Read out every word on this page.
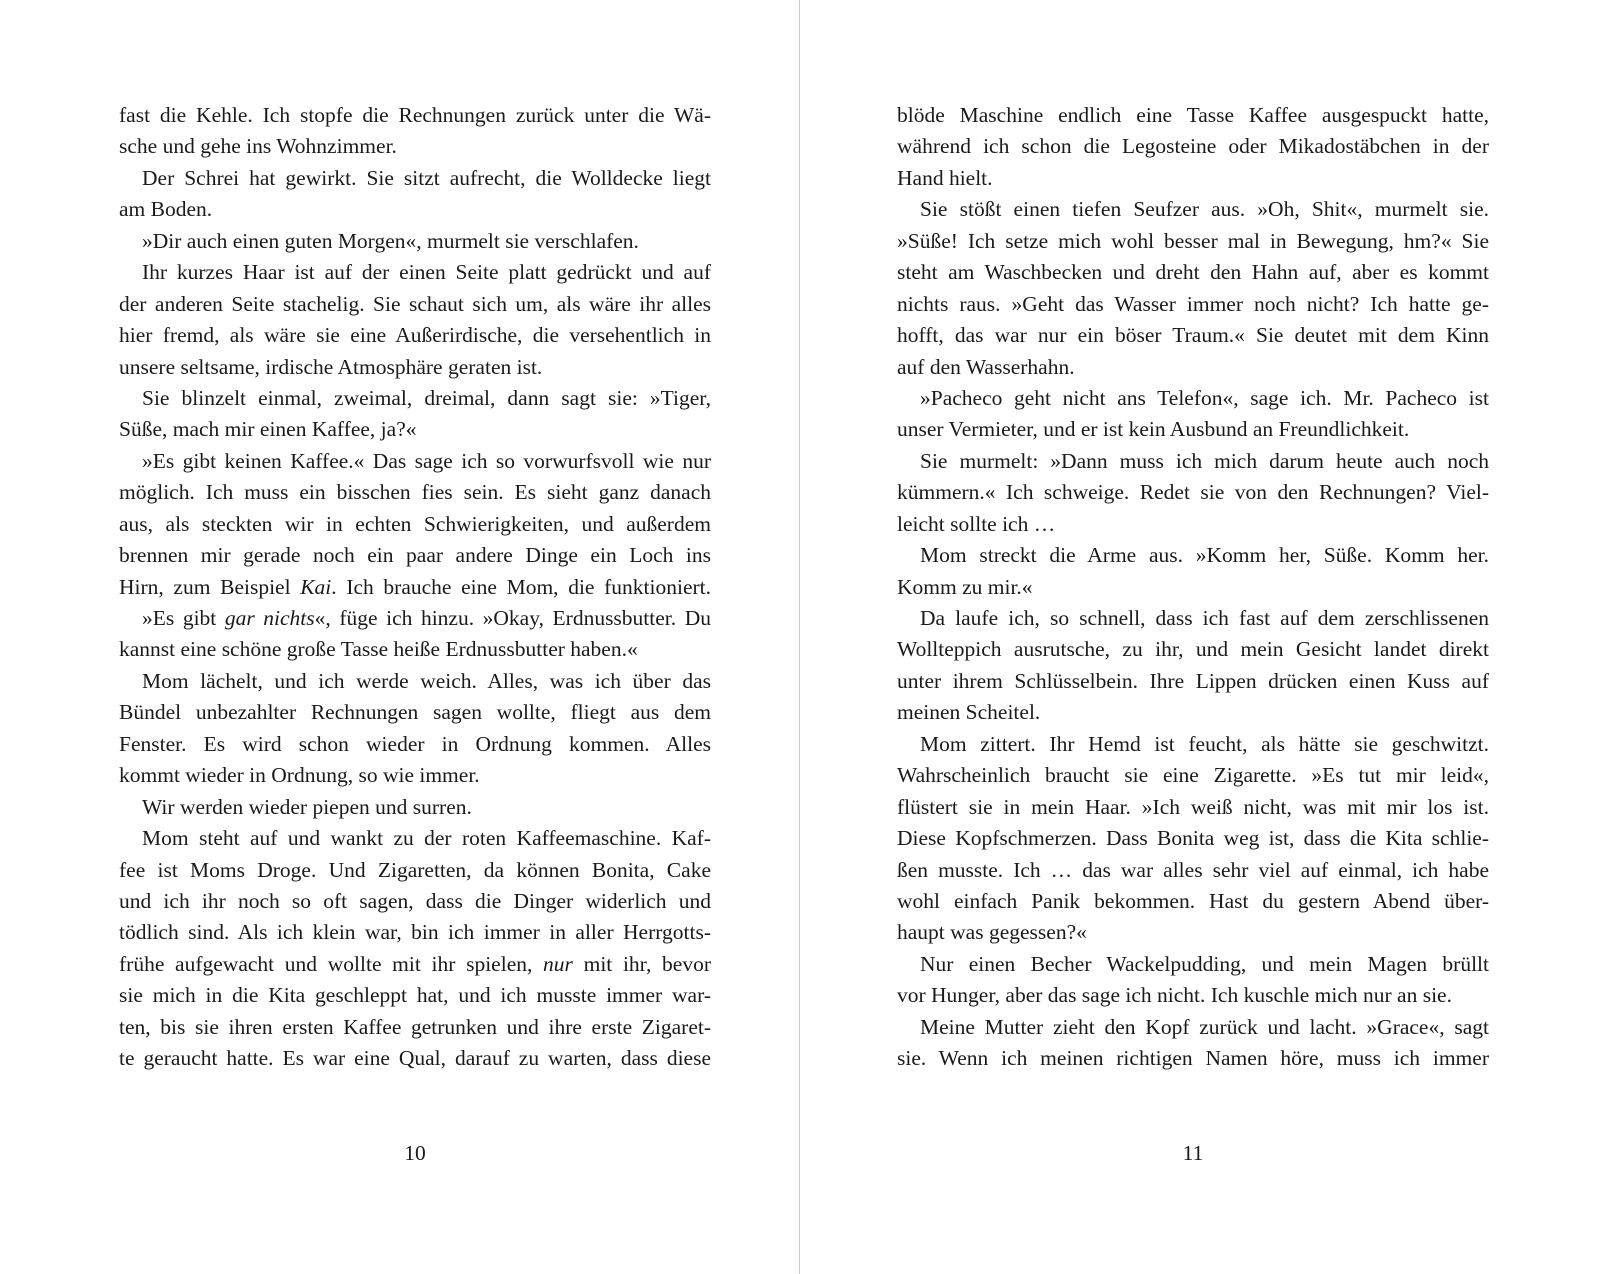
fast die Kehle. Ich stopfe die Rechnungen zurück unter die Wä-
sche und gehe ins Wohnzimmer.
Der Schrei hat gewirkt. Sie sitzt aufrecht, die Wolldecke liegt
am Boden.
»Dir auch einen guten Morgen«, murmelt sie verschlafen.
Ihr kurzes Haar ist auf der einen Seite platt gedrückt und auf
der anderen Seite stachelig. Sie schaut sich um, als wäre ihr alles
hier fremd, als wäre sie eine Außerirdische, die versehentlich in
unsere seltsame, irdische Atmosphäre geraten ist.
Sie blinzelt einmal, zweimal, dreimal, dann sagt sie: »Tiger,
Süße, mach mir einen Kaffee, ja?«
»Es gibt keinen Kaffee.« Das sage ich so vorwurfsvoll wie nur
möglich. Ich muss ein bisschen fies sein. Es sieht ganz danach
aus, als steckten wir in echten Schwierigkeiten, und außerdem
brennen mir gerade noch ein paar andere Dinge ein Loch ins
Hirn, zum Beispiel Kai. Ich brauche eine Mom, die funktioniert.
»Es gibt gar nichts«, füge ich hinzu. »Okay, Erdnussbutter. Du
kannst eine schöne große Tasse heiße Erdnussbutter haben.«
Mom lächelt, und ich werde weich. Alles, was ich über das
Bündel unbezahlter Rechnungen sagen wollte, fliegt aus dem
Fenster. Es wird schon wieder in Ordnung kommen. Alles
kommt wieder in Ordnung, so wie immer.
Wir werden wieder piepen und surren.
Mom steht auf und wankt zu der roten Kaffeemaschine. Kaf-
fee ist Moms Droge. Und Zigaretten, da können Bonita, Cake
und ich ihr noch so oft sagen, dass die Dinger widerlich und
tödlich sind. Als ich klein war, bin ich immer in aller Herrgotts-
frühe aufgewacht und wollte mit ihr spielen, nur mit ihr, bevor
sie mich in die Kita geschleppt hat, und ich musste immer war-
ten, bis sie ihren ersten Kaffee getrunken und ihre erste Zigaret-
te geraucht hatte. Es war eine Qual, darauf zu warten, dass diese
blöde Maschine endlich eine Tasse Kaffee ausgespuckt hatte,
während ich schon die Legosteine oder Mikadostäbchen in der
Hand hielt.
Sie stößt einen tiefen Seufzer aus. »Oh, Shit«, murmelt sie.
»Süße! Ich setze mich wohl besser mal in Bewegung, hm?« Sie
steht am Waschbecken und dreht den Hahn auf, aber es kommt
nichts raus. »Geht das Wasser immer noch nicht? Ich hatte ge-
hofft, das war nur ein böser Traum.« Sie deutet mit dem Kinn
auf den Wasserhahn.
»Pacheco geht nicht ans Telefon«, sage ich. Mr. Pacheco ist
unser Vermieter, und er ist kein Ausbund an Freundlichkeit.
Sie murmelt: »Dann muss ich mich darum heute auch noch
kümmern.« Ich schweige. Redet sie von den Rechnungen? Viel-
leicht sollte ich …
Mom streckt die Arme aus. »Komm her, Süße. Komm her.
Komm zu mir.«
Da laufe ich, so schnell, dass ich fast auf dem zerschlissenen
Wollteppich ausrutsche, zu ihr, und mein Gesicht landet direkt
unter ihrem Schlüsselbein. Ihre Lippen drücken einen Kuss auf
meinen Scheitel.
Mom zittert. Ihr Hemd ist feucht, als hätte sie geschwitzt.
Wahrscheinlich braucht sie eine Zigarette. »Es tut mir leid«,
flüstert sie in mein Haar. »Ich weiß nicht, was mit mir los ist.
Diese Kopfschmerzen. Dass Bonita weg ist, dass die Kita schlie-
ßen musste. Ich … das war alles sehr viel auf einmal, ich habe
wohl einfach Panik bekommen. Hast du gestern Abend über-
haupt was gegessen?«
Nur einen Becher Wackelpudding, und mein Magen brüllt
vor Hunger, aber das sage ich nicht. Ich kuschle mich nur an sie.
Meine Mutter zieht den Kopf zurück und lacht. »Grace«, sagt
sie. Wenn ich meinen richtigen Namen höre, muss ich immer
10	11
